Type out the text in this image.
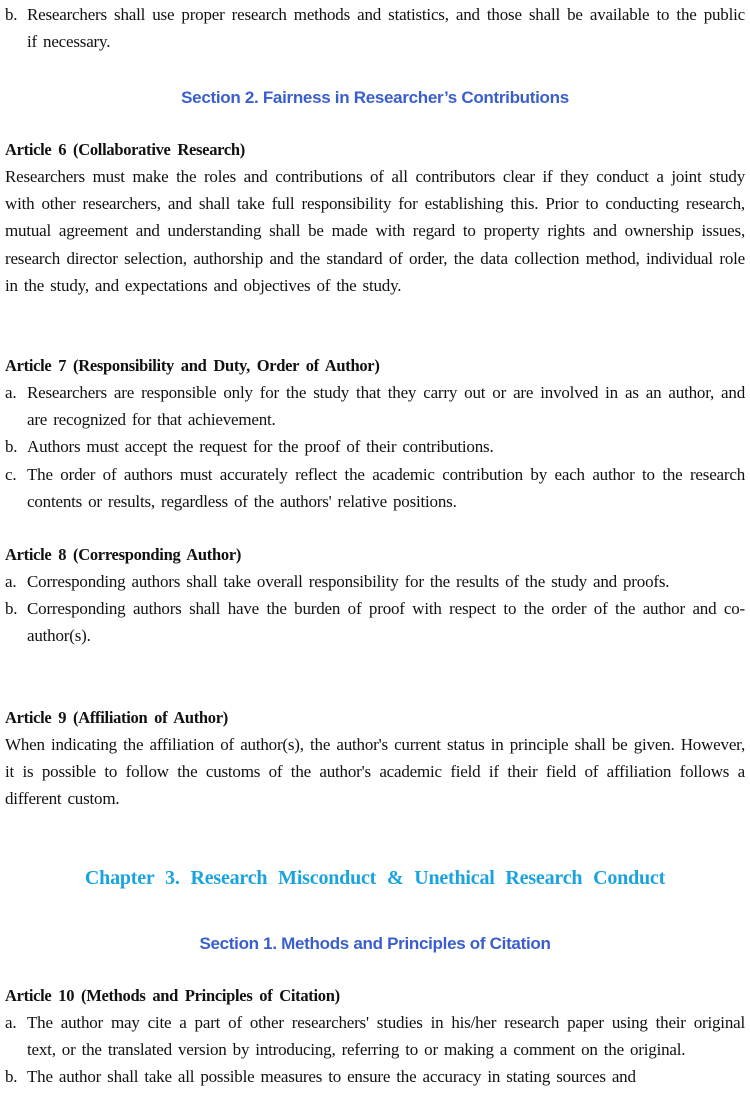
b. Researchers shall use proper research methods and statistics, and those shall be available to the public if necessary.

Section 2. Fairness in Researcher’s Contributions
Article 6 (Collaborative Research)

Researchers must make the roles and contributions of all contributors clear if they conduct a joint study with other researchers, and shall take full responsibility for establishing this. Prior to conducting research, mutual agreement and understanding shall be made with regard to property rights and ownership issues, research director selection, authorship and the standard of order, the data collection method, individual role in the study, and expectations and objectives of the study.

Article 7 (Responsibility and Duty, Order of Author)

a. Researchers are responsible only for the study that they carry out or are involved in as an author, and are recognized for that achievement.

b. Authors must accept the request for the proof of their contributions.

c. The order of authors must accurately reflect the academic contribution by each author to the research contents or results, regardless of the authors' relative positions.

Article 8 (Corresponding Author)

a. Corresponding authors shall take overall responsibility for the results of the study and proofs.

b. Corresponding authors shall have the burden of proof with respect to the order of the author and co-author(s).

Article 9 (Affiliation of Author)

When indicating the affiliation of author(s), the author's current status in principle shall be given. However, it is possible to follow the customs of the author's academic field if their field of affiliation follows a different custom.

Chapter 3. Research Misconduct & Unethical Research Conduct
Section 1. Methods and Principles of Citation
Article 10 (Methods and Principles of Citation)

a. The author may cite a part of other researchers' studies in his/her research paper using their original text, or the translated version by introducing, referring to or making a comment on the original.

b. The author shall take all possible measures to ensure the accuracy in stating sources and
